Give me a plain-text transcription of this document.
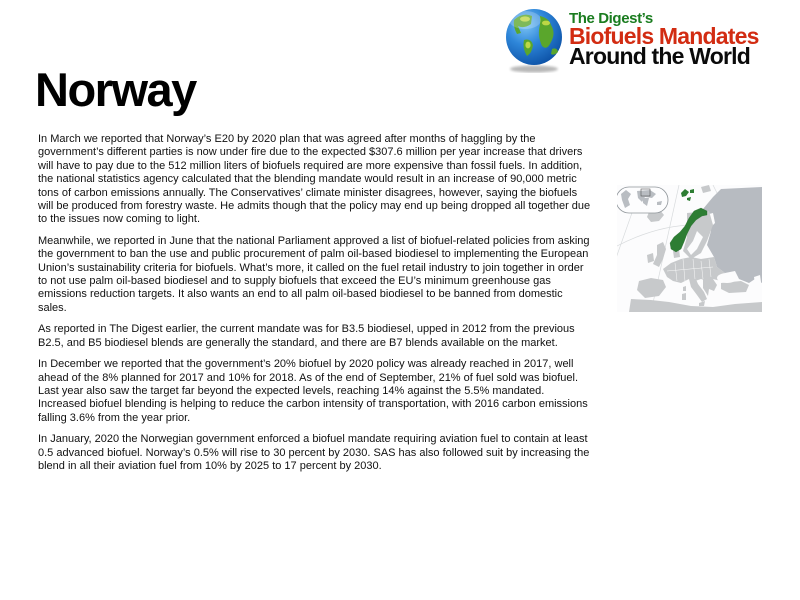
The Digest’s
Biofuels Mandates
Around the World
Norway

In March we reported that Norway’s E20 by 2020 plan that was agreed after months of haggling by the government’s different parties is now under fire due to the expected $307.6 million per year increase that drivers will have to pay due to the 512 million liters of biofuels required are more expensive than fossil fuels. In addition, the national statistics agency calculated that the blending mandate would result in an increase of 90,000 metric tons of carbon emissions annually. The Conservatives’ climate minister disagrees, however, saying the biofuels will be produced from forestry waste. He admits though that the policy may end up being dropped all together due to the issues now coming to light.

Meanwhile, we reported in June that the national Parliament approved a list of biofuel-related policies from asking the government to ban the use and public procurement of palm oil-based biodiesel to implementing the European Union’s sustainability criteria for biofuels. What’s more, it called on the fuel retail industry to join together in order to not use palm oil-based biodiesel and to supply biofuels that exceed the EU’s minimum greenhouse gas emissions reduction targets. It also wants an end to all palm oil-based biodiesel to be banned from domestic sales.

As reported in The Digest earlier, the current mandate was for B3.5 biodiesel, upped in 2012 from the previous B2.5, and B5 biodiesel blends are generally the standard, and there are B7 blends available on the market.

In December we reported that the government’s 20% biofuel by 2020 policy was already reached in 2017, well ahead of the 8% planned for 2017 and 10% for 2018. As of the end of September, 21% of fuel sold was biofuel. Last year also saw the target far beyond the expected levels, reaching 14% against the 5.5% mandated. Increased biofuel blending is helping to reduce the carbon intensity of transportation, with 2016 carbon emissions falling 3.6% from the year prior.

In January, 2020 the Norwegian government enforced a biofuel mandate requiring aviation fuel to contain at least 0.5 advanced biofuel. Norway’s 0.5% will rise to 30 percent by 2030. SAS has also followed suit by increasing the blend in all their aviation fuel from 10% by 2025 to 17 percent by 2030.
